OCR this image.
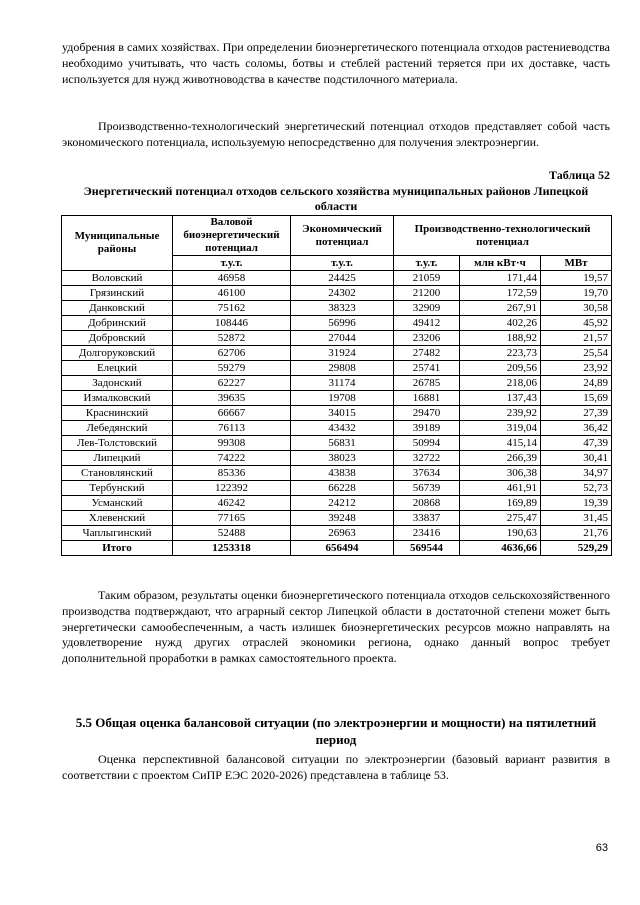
удобрения в самих хозяйствах. При определении биоэнергетического потенциала отходов растениеводства необходимо учитывать, что часть соломы, ботвы и стеблей растений теряется при их доставке, часть используется для нужд животноводства в качестве подстилочного материала.

Производственно-технологический энергетический потенциал отходов представляет собой часть экономического потенциала, используемую непосредственно для получения электроэнергии.

Таблица 52
Энергетический потенциал отходов сельского хозяйства муниципальных районов Липецкой области
Муниципальные районы	Валовой биоэнергетический потенциал	Экономический потенциал	Производственно-технологический потенциал		
	т.у.т.	т.у.т.	т.у.т.	млн кВт·ч	МВт
Воловский	46958	24425	21059	171,44	19,57
Грязинский	46100	24302	21200	172,59	19,70
Данковский	75162	38323	32909	267,91	30,58
Добринский	108446	56996	49412	402,26	45,92
Добровский	52872	27044	23206	188,92	21,57
Долгоруковский	62706	31924	27482	223,73	25,54
Елецкий	59279	29808	25741	209,56	23,92
Задонский	62227	31174	26785	218,06	24,89
Измалковский	39635	19708	16881	137,43	15,69
Краснинский	66667	34015	29470	239,92	27,39
Лебедянский	76113	43432	39189	319,04	36,42
Лев-Толстовский	99308	56831	50994	415,14	47,39
Липецкий	74222	38023	32722	266,39	30,41
Становлянский	85336	43838	37634	306,38	34,97
Тербунский	122392	66228	56739	461,91	52,73
Усманский	46242	24212	20868	169,89	19,39
Хлевенский	77165	39248	33837	275,47	31,45
Чаплыгинский	52488	26963	23416	190,63	21,76
Итого	1253318	656494	569544	4636,66	529,29

Таким образом, результаты оценки биоэнергетического потенциала отходов сельскохозяйственного производства подтверждают, что аграрный сектор Липецкой области в достаточной степени может быть энергетически самообеспеченным, а часть излишек биоэнергетических ресурсов можно направлять на удовлетворение нужд других отраслей экономики региона, однако данный вопрос требует дополнительной проработки в рамках самостоятельного проекта.

5.5 Общая оценка балансовой ситуации (по электроэнергии и мощности) на пятилетний период

Оценка перспективной балансовой ситуации по электроэнергии (базовый вариант развития в соответствии с проектом СиПР ЕЭС 2020-2026) представлена в таблице 53.

63
